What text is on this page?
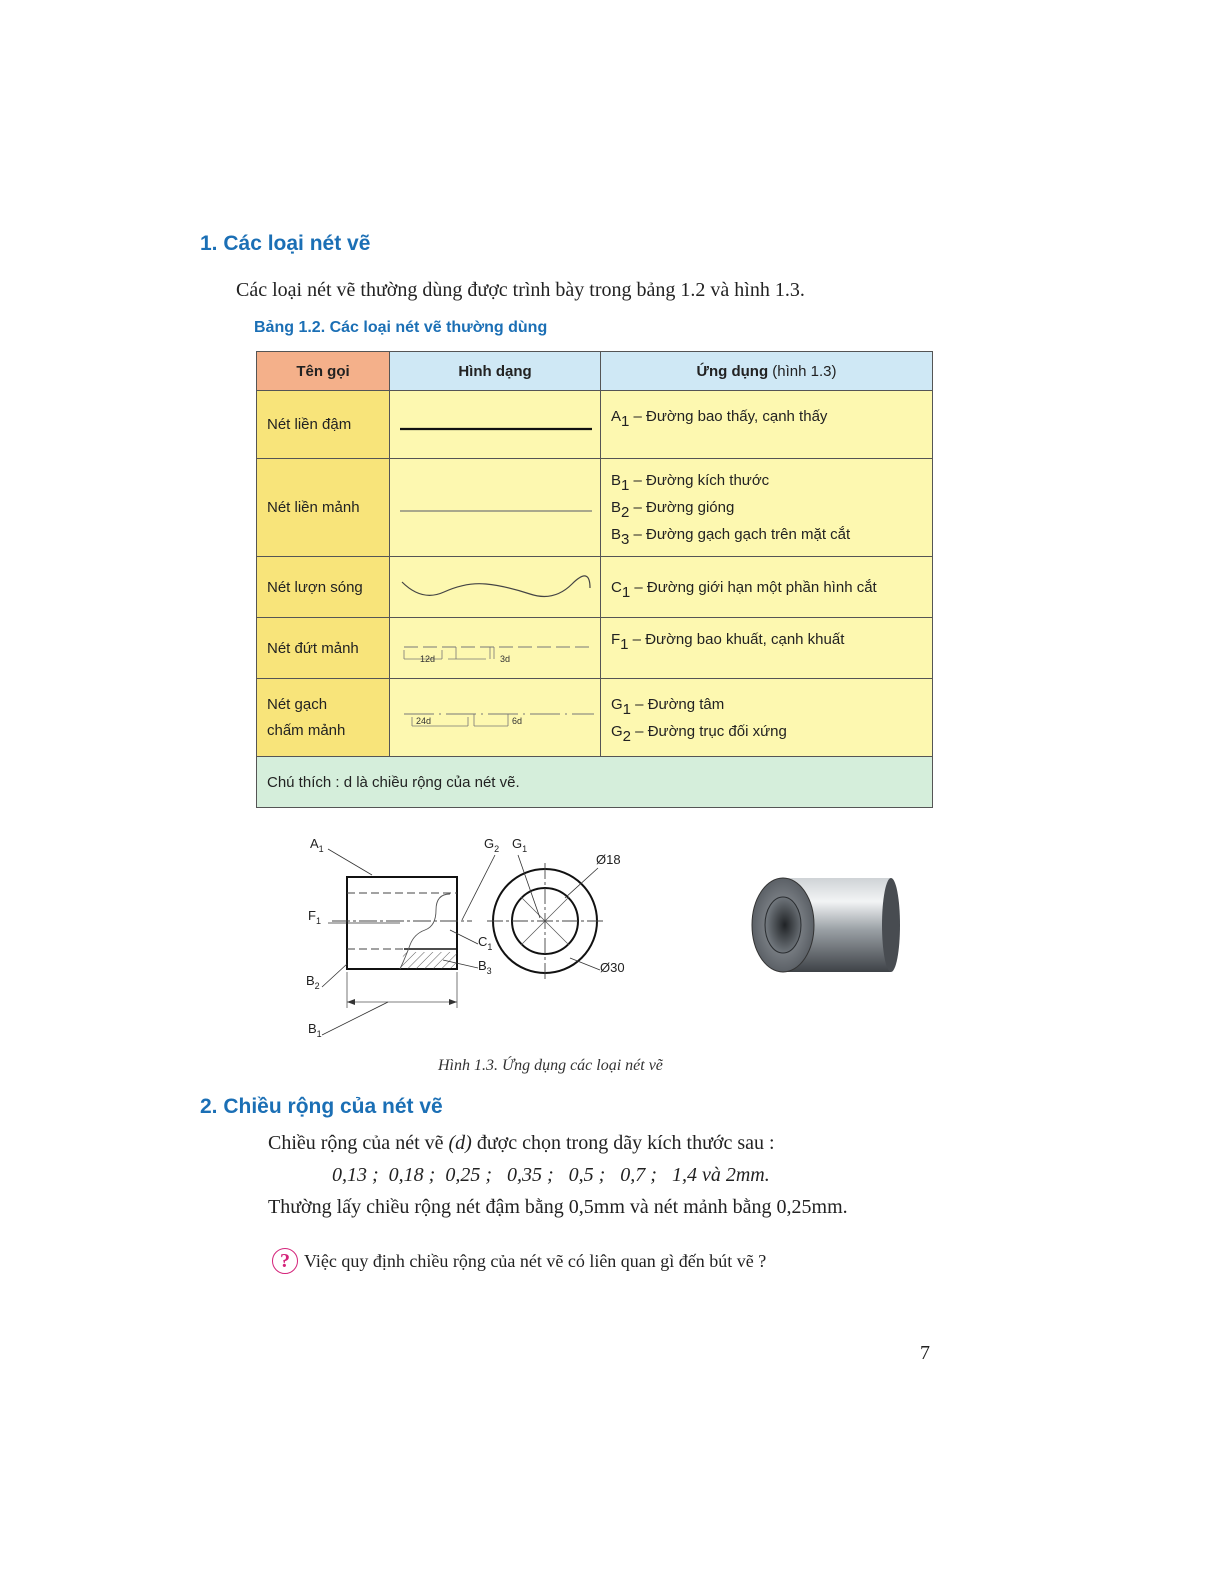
1. Các loại nét vẽ
Các loại nét vẽ thường dùng được trình bày trong bảng 1.2 và hình 1.3.
Bảng 1.2. Các loại nét vẽ thường dùng
Tên gọi	Hình dạng	Ứng dụng (hình 1.3)
Nét liền đậm		A1 – Đường bao thấy, cạnh thấy

Nét liền mảnh		B1 – Đường kích thước
B2 – Đường gióng
B3 – Đường gạch gạch trên mặt cắt

Nét lượn sóng		C1 – Đường giới hạn một phần hình cắt

Nét đứt mảnh	12d 3d	F1 – Đường bao khuất, cạnh khuất

Nét gạch
chấm mảnh	24d 6d	G1 – Đường tâm
G2 – Đường trục đối xứng

Chú thích : d là chiều rộng của nét vẽ.		
$A_1$
$F_1$
$B_2$
$B_1$
$G_2$ $G_1$
$C_1$
$B_3$
Ø18
Ø30
Hình 1.3. Ứng dụng các loại nét vẽ
2. Chiều rộng của nét vẽ
Chiều rộng của nét vẽ (d) được chọn trong dãy kích thước sau :
0,13 ;  0,18 ;  0,25 ;   0,35 ;   0,5 ;   0,7 ;   1,4 và 2mm.
Thường lấy chiều rộng nét đậm bằng 0,5mm và nét mảnh bằng 0,25mm.
? Việc quy định chiều rộng của nét vẽ có liên quan gì đến bút vẽ ?
7
